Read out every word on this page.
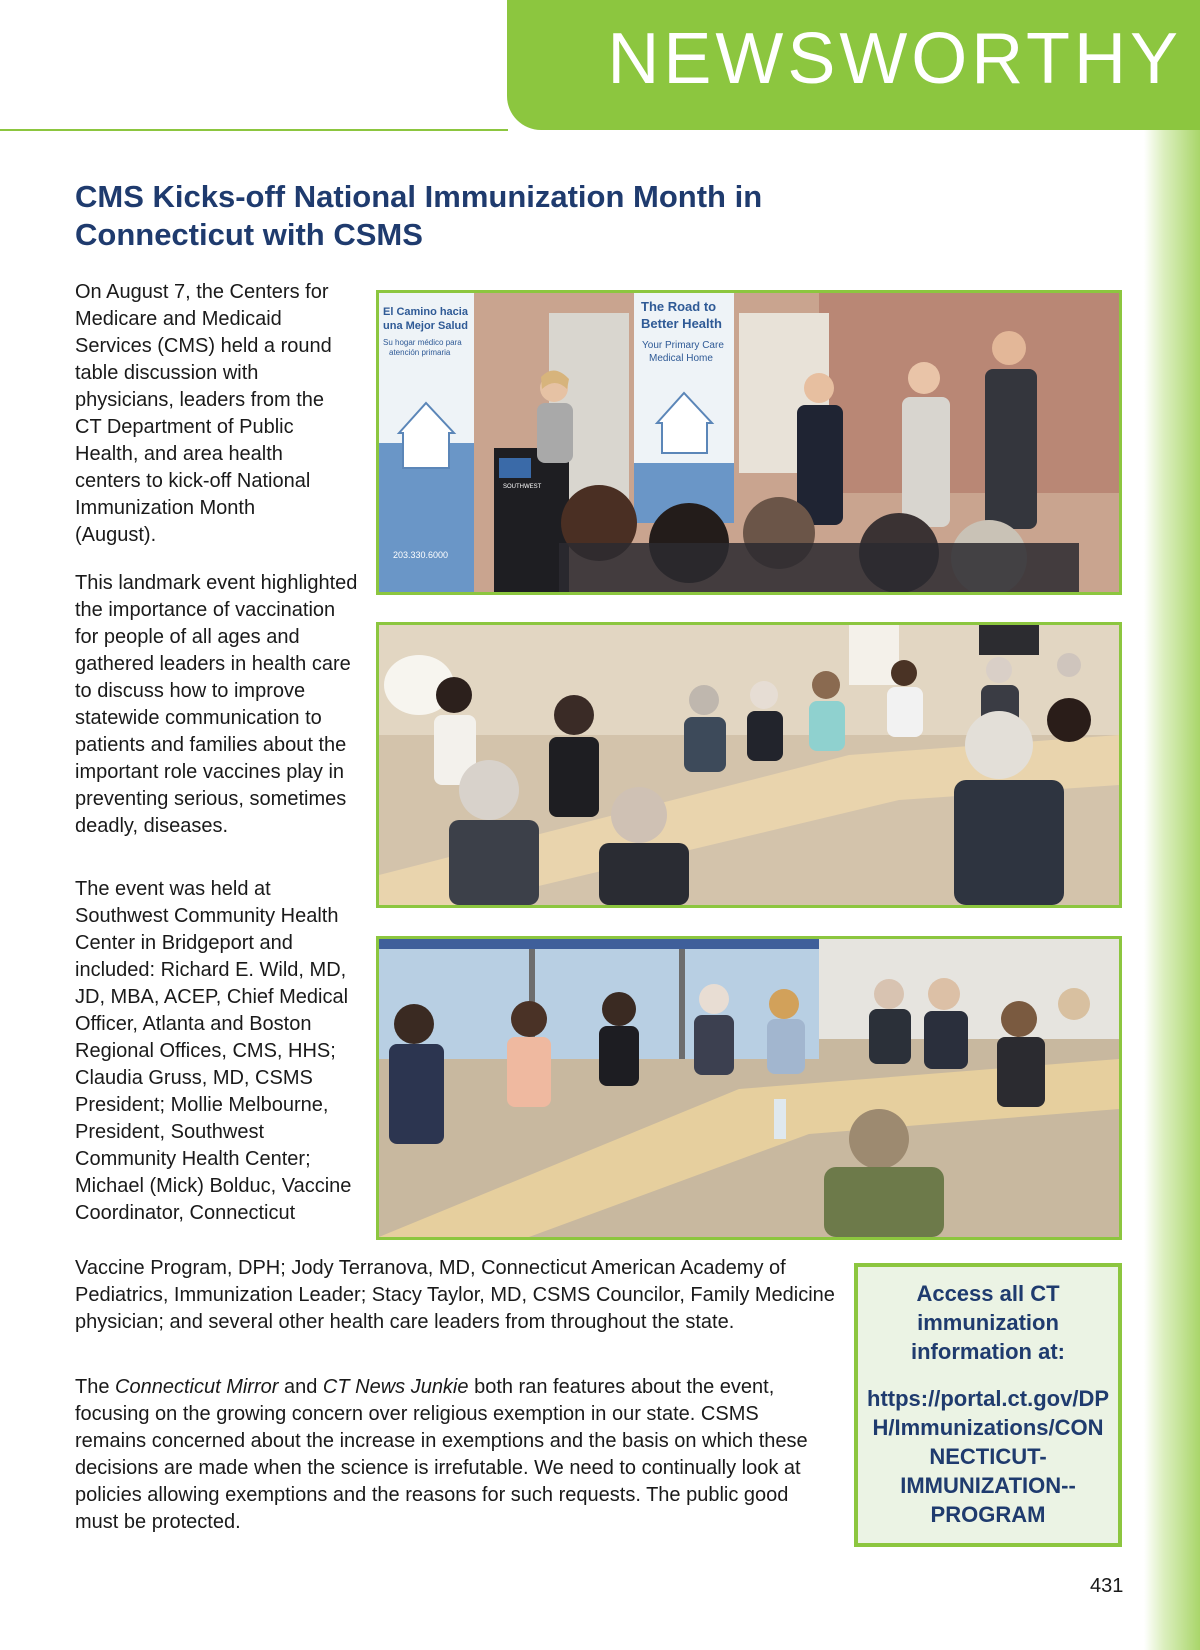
NEWSWORTHY
CMS Kicks-off National Immunization Month in Connecticut with CSMS

On August 7, the Centers for Medicare and Medicaid Services (CMS) held a round table discussion with physicians, leaders from the CT Department of Public Health, and area health centers to kick-off National Immunization Month (August).

This landmark event highlighted the importance of vaccination for people of all ages and gathered leaders in health care to discuss how to improve statewide communication to patients and families about the important role vaccines play in preventing serious, sometimes deadly, diseases.

The event was held at Southwest Community Health Center in Bridgeport and included: Richard E. Wild, MD, JD, MBA, ACEP, Chief Medical Officer, Atlanta and Boston Regional Offices, CMS, HHS; Claudia Gruss, MD, CSMS President; Mollie Melbourne, President, Southwest Community Health Center; Michael (Mick) Bolduc, Vaccine Coordinator, Connecticut

Vaccine Program, DPH; Jody Terranova, MD, Connecticut American Academy of Pediatrics, Immunization Leader; Stacy Taylor, MD, CSMS Councilor, Family Medicine physician; and several other health care leaders from throughout the state.

The Connecticut Mirror and CT News Junkie both ran features about the event, focusing on the growing concern over religious exemption in our state. CSMS remains concerned about the increase in exemptions and the basis on which these decisions are made when the science is irrefutable. We need to continually look at policies allowing exemptions and the reasons for such requests. The public good must be protected.

El Camino hacia
una Mejor Salud
Su hogar médico para
atención primaria
203.330.6000
The Road to
Better Health
Your Primary Care
Medical Home
SOUTHWEST
Access all CT immunization information at:
https://portal.ct.gov/DPH/Immunizations/CONNECTICUT-IMMUNIZATION--PROGRAM
431
